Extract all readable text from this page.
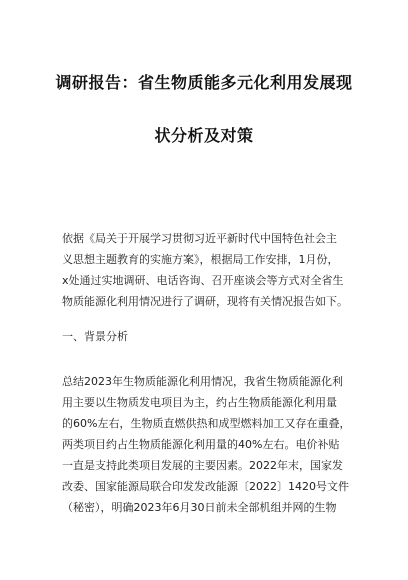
调研报告：省生物质能多元化利用发展现
状分析及对策
依据《局关于开展学习贯彻习近平新时代中国特色社会主
义思想主题教育的实施方案》，根据局工作安排，1月份，
x处通过实地调研、电话咨询、召开座谈会等方式对全省生
物质能源化利用情况进行了调研，现将有关情况报告如下。
一、背景分析
总结2023年生物质能源化利用情况，我省生物质能源化利
用主要以生物质发电项目为主，约占生物质能源化利用量
的60%左右，生物质直燃供热和成型燃料加工又存在重叠，
两类项目约占生物质能源化利用量的40%左右。电价补贴
一直是支持此类项目发展的主要因素。2022年末，国家发
改委、国家能源局联合印发发改能源〔2022〕1420号文件
（秘密），明确2023年6月30日前未全部机组并网的生物
